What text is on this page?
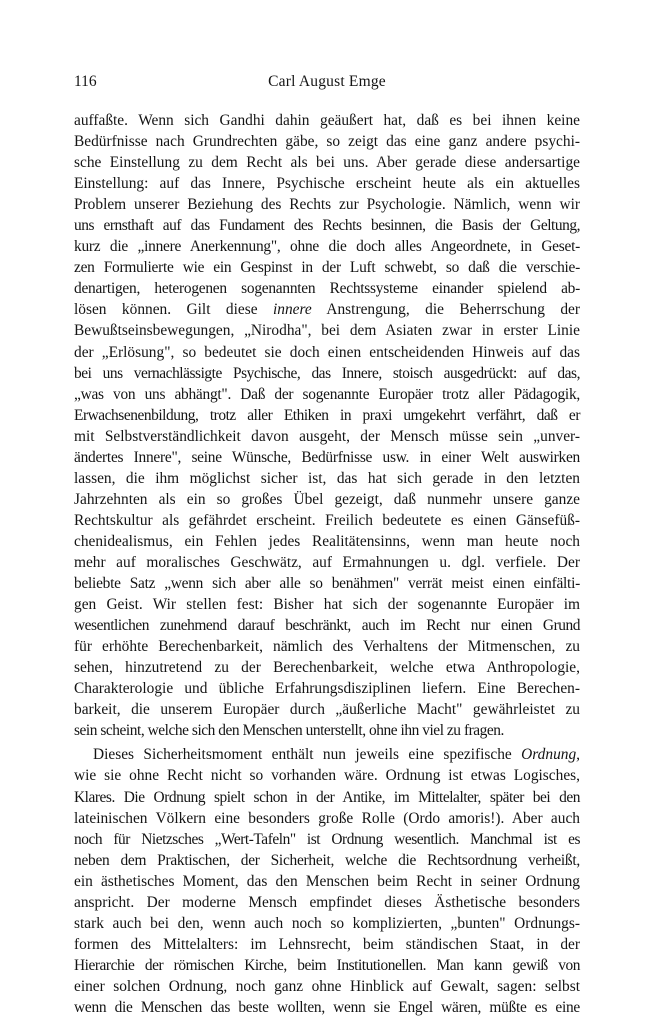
116	Carl August Emge

auffaßte. Wenn sich Gandhi dahin geäußert hat, daß es bei ihnen keine
Bedürfnisse nach Grundrechten gäbe, so zeigt das eine ganz andere psychi-
sche Einstellung zu dem Recht als bei uns. Aber gerade diese andersartige
Einstellung: auf das Innere, Psychische erscheint heute als ein aktuelles
Problem unserer Beziehung des Rechts zur Psychologie. Nämlich, wenn wir
uns ernsthaft auf das Fundament des Rechts besinnen, die Basis der Geltung,
kurz die „innere Anerkennung", ohne die doch alles Angeordnete, in Geset-
zen Formulierte wie ein Gespinst in der Luft schwebt, so daß die verschie-
denartigen, heterogenen sogenannten Rechtssysteme einander spielend ab-
lösen können. Gilt diese innere Anstrengung, die Beherrschung der
Bewußtseinsbewegungen, „Nirodha", bei dem Asiaten zwar in erster Linie
der „Erlösung", so bedeutet sie doch einen entscheidenden Hinweis auf das
bei uns vernachlässigte Psychische, das Innere, stoisch ausgedrückt: auf das,
„was von uns abhängt". Daß der sogenannte Europäer trotz aller Pädagogik,
Erwachsenenbildung, trotz aller Ethiken in praxi umgekehrt verfährt, daß er
mit Selbstverständlichkeit davon ausgeht, der Mensch müsse sein „unver-
ändertes Innere", seine Wünsche, Bedürfnisse usw. in einer Welt auswirken
lassen, die ihm möglichst sicher ist, das hat sich gerade in den letzten
Jahrzehnten als ein so großes Übel gezeigt, daß nunmehr unsere ganze
Rechtskultur als gefährdet erscheint. Freilich bedeutete es einen Gänsefüß-
chenidealismus, ein Fehlen jedes Realitätensinns, wenn man heute noch
mehr auf moralisches Geschwätz, auf Ermahnungen u. dgl. verfiele. Der
beliebte Satz „wenn sich aber alle so benähmen" verrät meist einen einfälti-
gen Geist. Wir stellen fest: Bisher hat sich der sogenannte Europäer im
wesentlichen zunehmend darauf beschränkt, auch im Recht nur einen Grund
für erhöhte Berechenbarkeit, nämlich des Verhaltens der Mitmenschen, zu
sehen, hinzutretend zu der Berechenbarkeit, welche etwa Anthropologie,
Charakterologie und übliche Erfahrungsdisziplinen liefern. Eine Berechen-
barkeit, die unserem Europäer durch „äußerliche Macht" gewährleistet zu
sein scheint, welche sich den Menschen unterstellt, ohne ihn viel zu fragen.

Dieses Sicherheitsmoment enthält nun jeweils eine spezifische Ordnung,
wie sie ohne Recht nicht so vorhanden wäre. Ordnung ist etwas Logisches,
Klares. Die Ordnung spielt schon in der Antike, im Mittelalter, später bei den
lateinischen Völkern eine besonders große Rolle (Ordo amoris!). Aber auch
noch für Nietzsches „Wert-Tafeln" ist Ordnung wesentlich. Manchmal ist es
neben dem Praktischen, der Sicherheit, welche die Rechtsordnung verheißt,
ein ästhetisches Moment, das den Menschen beim Recht in seiner Ordnung
anspricht. Der moderne Mensch empfindet dieses Ästhetische besonders
stark auch bei den, wenn auch noch so komplizierten, „bunten" Ordnungs-
formen des Mittelalters: im Lehnsrecht, beim ständischen Staat, in der
Hierarchie der römischen Kirche, beim Institutionellen. Man kann gewiß von
einer solchen Ordnung, noch ganz ohne Hinblick auf Gewalt, sagen: selbst
wenn die Menschen das beste wollten, wenn sie Engel wären, müßte es eine
